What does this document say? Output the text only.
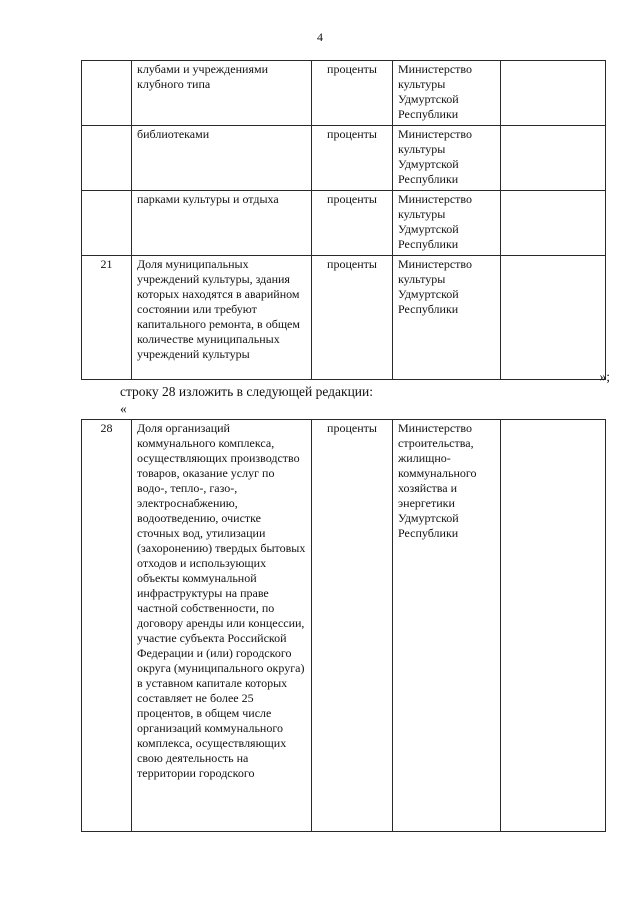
4
	клубами и учреждениями клубного типа	проценты	Министерство культуры Удмуртской Республики	
	библиотеками	проценты	Министерство культуры Удмуртской Республики	
	парками культуры и отдыха	проценты	Министерство культуры Удмуртской Республики	
21	Доля муниципальных учреждений культуры, здания которых находятся в аварийном состоянии или требуют капитального ремонта, в общем количестве муниципальных учреждений культуры	проценты	Министерство культуры Удмуртской Республики	
»;
строку 28 изложить в следующей редакции:
«
28	Доля организаций коммунального комплекса, осуществляющих производство товаров, оказание услуг по водо-, тепло-, газо-, электроснабжению, водоотведению, очистке сточных вод, утилизации (захоронению) твердых бытовых отходов и использующих объекты коммунальной инфраструктуры на праве частной собственности, по договору аренды или концессии, участие субъекта Российской Федерации и (или) городского округа (муниципального округа) в уставном капитале которых составляет не более 25 процентов, в общем числе организаций коммунального комплекса, осуществляющих свою деятельность на территории городского	проценты	Министерство строительства, жилищно-коммунального хозяйства и энергетики Удмуртской Республики	
